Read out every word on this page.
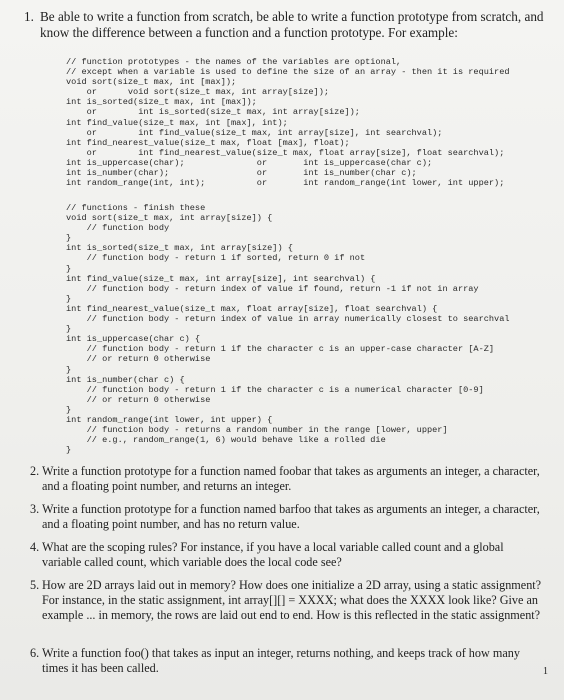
1. Be able to write a function from scratch, be able to write a function prototype from scratch, and know the difference between a function and a function prototype. For example:
// function prototypes - the names of the variables are optional,
// except when a variable is used to define the size of an array - then it is required
void sort(size_t max, int [max]);
or      void sort(size_t max, int array[size]);
int is_sorted(size_t max, int [max]);
or        int is_sorted(size_t max, int array[size]);
int find_value(size_t max, int [max], int);
or        int find_value(size_t max, int array[size], int searchval);
int find_nearest_value(size_t max, float [max], float);
or        int find_nearest_value(size_t max, float array[size], float searchval);
int is_uppercase(char);              or       int is_uppercase(char c);
int is_number(char);                 or       int is_number(char c);
int random_range(int, int);          or       int random_range(int lower, int upper);
// functions - finish these
void sort(size_t max, int array[size]) {
// function body
}
int is_sorted(size_t max, int array[size]) {
// function body - return 1 if sorted, return 0 if not
}
int find_value(size_t max, int array[size], int searchval) {
// function body - return index of value if found, return -1 if not in array
}
int find_nearest_value(size_t max, float array[size], float searchval) {
// function body - return index of value in array numerically closest to searchval
}
int is_uppercase(char c) {
// function body - return 1 if the character c is an upper-case character [A-Z]
// or return 0 otherwise
}
int is_number(char c) {
// function body - return 1 if the character c is a numerical character [0-9]
// or return 0 otherwise
}
int random_range(int lower, int upper) {
// function body - returns a random number in the range [lower, upper]
// e.g., random_range(1, 6) would behave like a rolled die
}
2. Write a function prototype for a function named foobar that takes as arguments an integer, a character, and a floating point number, and returns an integer.
3. Write a function prototype for a function named barfoo that takes as arguments an integer, a character, and a floating point number, and has no return value.
4. What are the scoping rules? For instance, if you have a local variable called count and a global variable called count, which variable does the local code see?
5. How are 2D arrays laid out in memory? How does one initialize a 2D array, using a static assignment? For instance, in the static assignment, int array[][] = XXXX; what does the XXXX look like? Give an example ... in memory, the rows are laid out end to end. How is this reflected in the static assignment?
6. Write a function foo() that takes as input an integer, returns nothing, and keeps track of how many times it has been called.	1
